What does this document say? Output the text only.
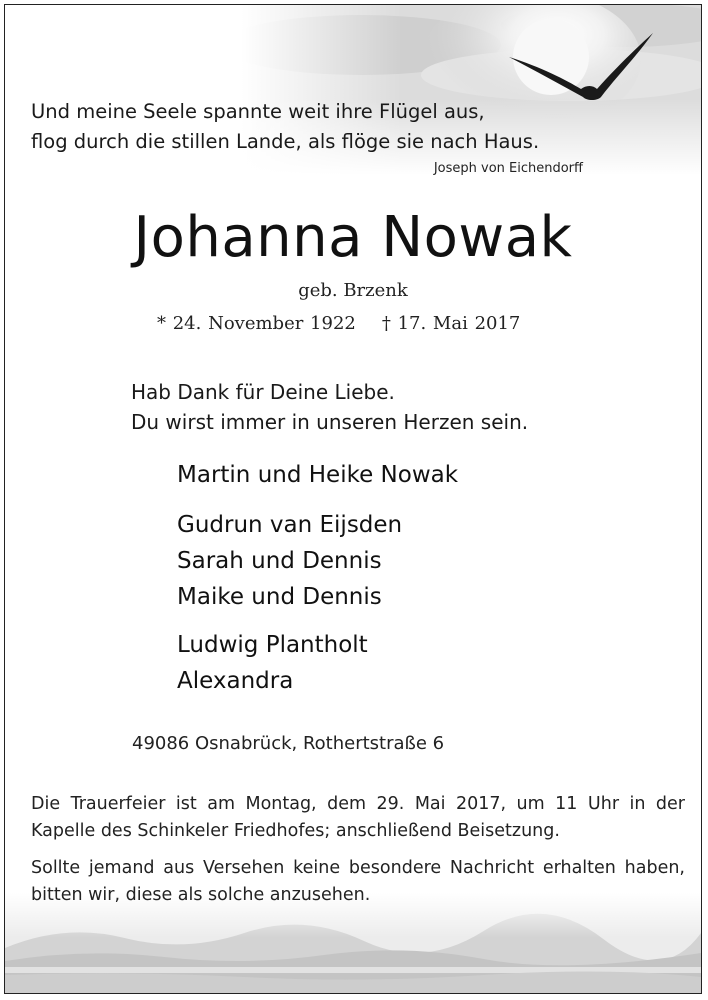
Und meine Seele spannte weit ihre Flügel aus,
flog durch die stillen Lande, als flöge sie nach Haus.
Joseph von Eichendorff
Johanna Nowak
geb. Brzenk
* 24. November 1922 † 17. Mai 2017
Hab Dank für Deine Liebe.
Du wirst immer in unseren Herzen sein.
Martin und Heike Nowak
Gudrun van Eijsden
Sarah und Dennis
Maike und Dennis
Ludwig Plantholt
Alexandra
49086 Osnabrück, Rothertstraße 6
Die Trauerfeier ist am Montag, dem 29. Mai 2017, um 11 Uhr in der Kapelle des Schinkeler Friedhofes; anschließend Beisetzung.
Sollte jemand aus Versehen keine besondere Nachricht erhalten haben, bitten wir, diese als solche anzusehen.
